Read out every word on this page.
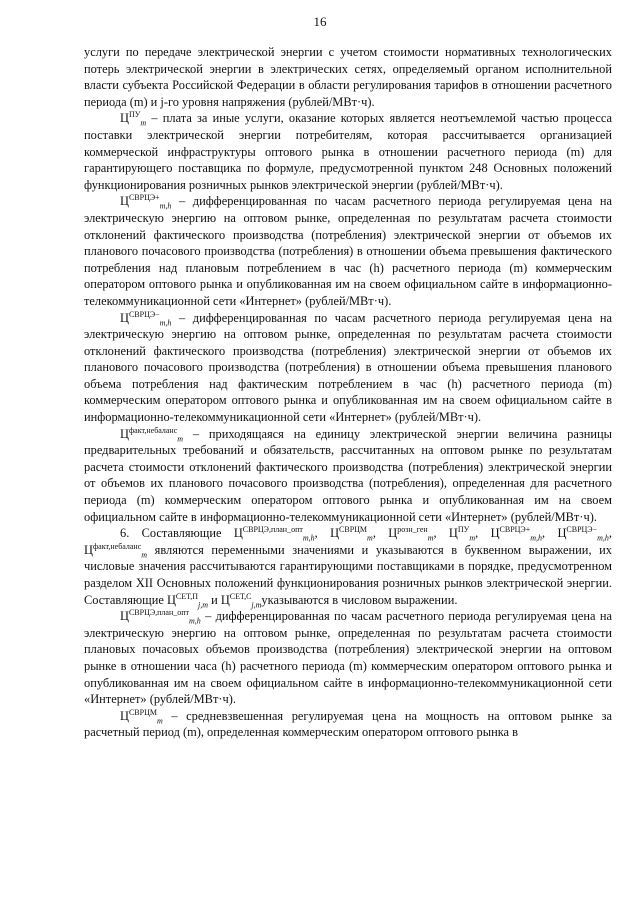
16

услуги по передаче электрической энергии с учетом стоимости нормативных технологических потерь электрической энергии в электрических сетях, определяемый органом исполнительной власти субъекта Российской Федерации в области регулирования тарифов в отношении расчетного периода (m) и j-го уровня напряжения (рублей/МВт·ч).

$Ц^{ПУ}_m$ – плата за иные услуги, оказание которых является неотъемлемой частью процесса поставки электрической энергии потребителям, которая рассчитывается организацией коммерческой инфраструктуры оптового рынка в отношении расчетного периода (m) для гарантирующего поставщика по формуле, предусмотренной пунктом 248 Основных положений функционирования розничных рынков электрической энергии (рублей/МВт·ч).

$Ц^{СВРЦЭ+}_{m,h}$ – дифференцированная по часам расчетного периода регулируемая цена на электрическую энергию на оптовом рынке, определенная по результатам расчета стоимости отклонений фактического производства (потребления) электрической энергии от объемов их планового почасового производства (потребления) в отношении объема превышения фактического потребления над плановым потреблением в час (h) расчетного периода (m) коммерческим оператором оптового рынка и опубликованная им на своем официальном сайте в информационно-телекоммуникационной сети «Интернет» (рублей/МВт·ч).

$Ц^{СВРЦЭ-}_{m,h}$ – дифференцированная по часам расчетного периода регулируемая цена на электрическую энергию на оптовом рынке, определенная по результатам расчета стоимости отклонений фактического производства (потребления) электрической энергии от объемов их планового почасового производства (потребления) в отношении объема превышения планового объема потребления над фактическим потреблением в час (h) расчетного периода (m) коммерческим оператором оптового рынка и опубликованная им на своем официальном сайте в информационно-телекоммуникационной сети «Интернет» (рублей/МВт·ч).

$Ц^{факт,небаланс}_m$ – приходящаяся на единицу электрической энергии величина разницы предварительных требований и обязательств, рассчитанных на оптовом рынке по результатам расчета стоимости отклонений фактического производства (потребления) электрической энергии от объемов их планового почасового производства (потребления), определенная для расчетного периода (m) коммерческим оператором оптового рынка и опубликованная им на своем официальном сайте в информационно-телекоммуникационной сети «Интернет» (рублей/МВт·ч).

6. Составляющие $Ц^{СВРЦЭ,план\_опт}_{m,h}$, $Ц^{СВРЦМ}_m$, $Ц^{розн\_ген}_m$, $Ц^{ПУ}_m$, $Ц^{СВРЦЭ+}_{m,h}$, $Ц^{СВРЦЭ-}_{m,h}$, $Ц^{факт,небаланс}_m$ являются переменными значениями и указываются в буквенном выражении, их числовые значения рассчитываются гарантирующими поставщиками в порядке, предусмотренном разделом XII Основных положений функционирования розничных рынков электрической энергии. Составляющие $Ц^{СЕТ,П}_{j,m}$ и $Ц^{СЕТ,С}_{j,m}указываются$ в числовом выражении.

$Ц^{СВРЦЭ,план\_опт}_{m,h}$ – дифференцированная по часам расчетного периода регулируемая цена на электрическую энергию на оптовом рынке, определенная по результатам расчета стоимости плановых почасовых объемов производства (потребления) электрической энергии на оптовом рынке в отношении часа (h) расчетного периода (m) коммерческим оператором оптового рынка и опубликованная им на своем официальном сайте в информационно-телекоммуникационной сети «Интернет» (рублей/МВт·ч).

$Ц^{СВРЦМ}_m$ – средневзвешенная регулируемая цена на мощность на оптовом рынке за расчетный период (m), определенная коммерческим оператором оптового рынка в
